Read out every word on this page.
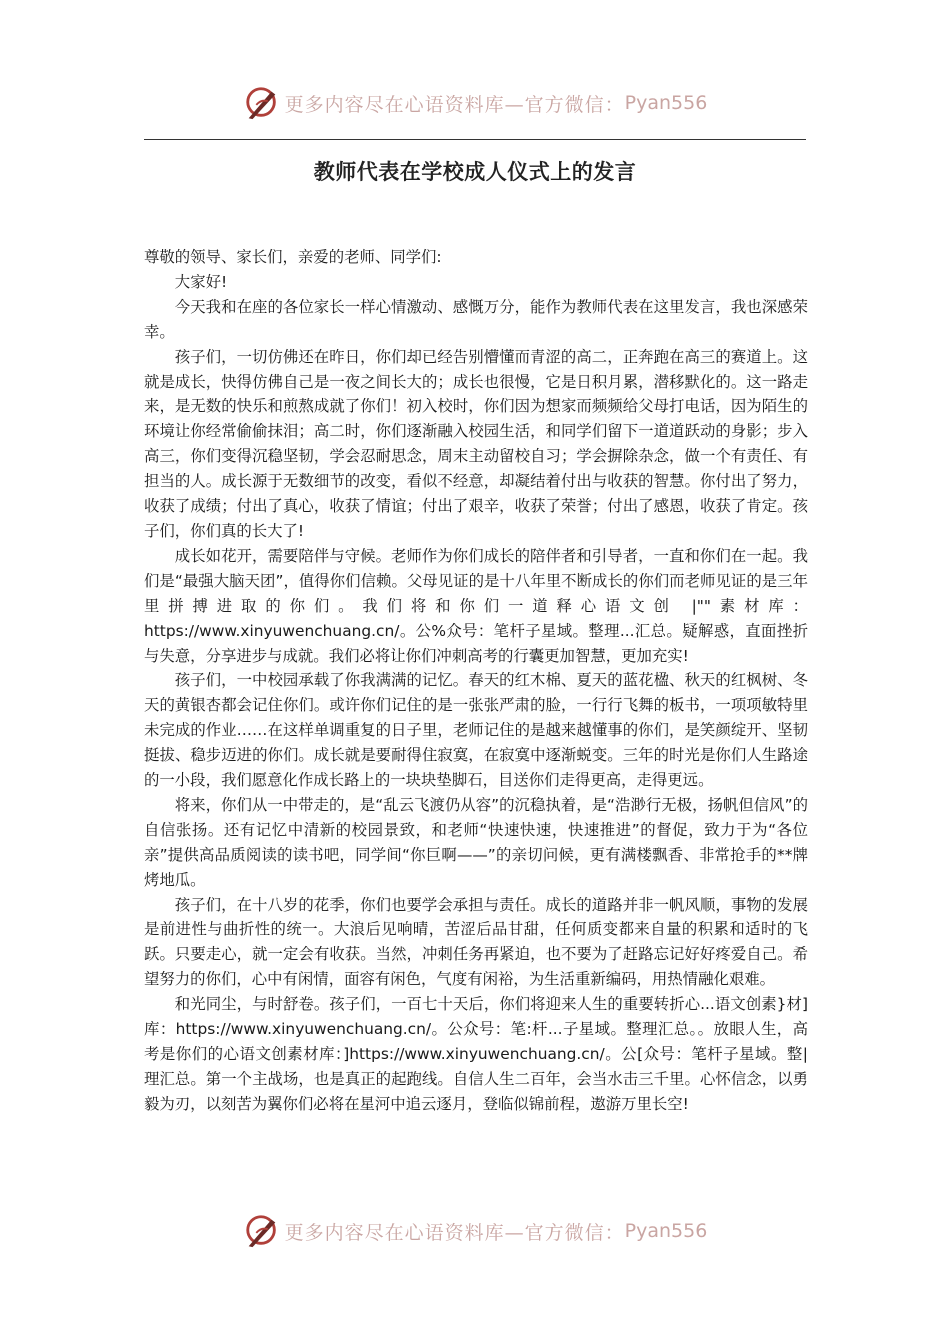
更多内容尽在心语资料库—官方微信： Pyan556
教师代表在学校成人仪式上的发言

尊敬的领导、家长们，亲爱的老师、同学们:

大家好!

今天我和在座的各位家长一样心情激动、感慨万分，能作为教师代表在这里发言，我也深感荣幸。

孩子们，一切仿佛还在昨日，你们却已经告别懵懂而青涩的高二，正奔跑在高三的赛道上。这就是成长，快得仿佛自己是一夜之间长大的；成长也很慢，它是日积月累，潜移默化的。这一路走来，是无数的快乐和煎熬成就了你们！初入校时，你们因为想家而频频给父母打电话，因为陌生的环境让你经常偷偷抹泪；高二时，你们逐渐融入校园生活，和同学们留下一道道跃动的身影；步入高三，你们变得沉稳坚韧，学会忍耐思念，周末主动留校自习；学会摒除杂念，做一个有责任、有担当的人。成长源于无数细节的改变，看似不经意，却凝结着付出与收获的智慧。你付出了努力，收获了成绩；付出了真心，收获了情谊；付出了艰辛，收获了荣誉；付出了感恩，收获了肯定。孩子们，你们真的长大了!

成长如花开，需要陪伴与守候。老师作为你们成长的陪伴者和引导者，一直和你们在一起。我们是“最强大脑天团”，值得你们信赖。父母见证的是十八年里不断成长的你们而老师见证的是三年里拼搏进取的你们。我们将和你们一道释心语文创 |""素材库：https://www.xinyuwenchuang.cn/。公%众号：笔杆子星域。整理...汇总。疑解惑，直面挫折与失意，分享进步与成就。我们必将让你们冲刺高考的行囊更加智慧，更加充实!

孩子们，一中校园承载了你我满满的记忆。春天的红木棉、夏天的蓝花楹、秋天的红枫树、冬天的黄银杏都会记住你们。或许你们记住的是一张张严肃的脸，一行行飞舞的板书，一项项敏特里未完成的作业……在这样单调重复的日子里，老师记住的是越来越懂事的你们，是笑颜绽开、坚韧挺拔、稳步迈进的你们。成长就是要耐得住寂寞，在寂寞中逐渐蜕变。三年的时光是你们人生路途的一小段，我们愿意化作成长路上的一块块垫脚石，目送你们走得更高，走得更远。

将来，你们从一中带走的，是“乱云飞渡仍从容”的沉稳执着，是“浩渺行无极，扬帆但信风”的自信张扬。还有记忆中清新的校园景致，和老师“快速快速，快速推进”的督促，致力于为“各位亲”提供高品质阅读的读书吧，同学间“你巨啊——”的亲切问候，更有满楼飘香、非常抢手的**牌烤地瓜。

孩子们，在十八岁的花季，你们也要学会承担与责任。成长的道路并非一帆风顺，事物的发展是前进性与曲折性的统一。大浪后见响晴，苦涩后品甘甜，任何质变都来自量的积累和适时的飞跃。只要走心，就一定会有收获。当然，冲刺任务再紧迫，也不要为了赶路忘记好好疼爱自己。希望努力的你们，心中有闲情，面容有闲色，气度有闲裕，为生活重新编码，用热情融化艰难。

和光同尘，与时舒卷。孩子们，一百七十天后，你们将迎来人生的重要转折心...语文创素}材]库：https://www.xinyuwenchuang.cn/。公众号：笔:杆...子星域。整理汇总。。放眼人生，高考是你们的心语文创素材库：]https://www.xinyuwenchuang.cn/。公[众号：笔杆子星域。整|理汇总。第一个主战场，也是真正的起跑线。自信人生二百年，会当水击三千里。心怀信念，以勇毅为刃，以刻苦为翼你们必将在星河中追云逐月，登临似锦前程，遨游万里长空!

更多内容尽在心语资料库—官方微信： Pyan556
